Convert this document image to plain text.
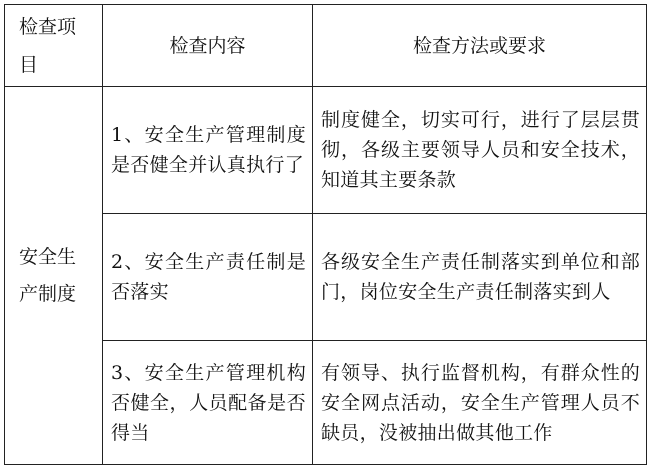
检查项目	检查内容	检查方法或要求

安全生产制度	1、安全生产管理制度是否健全并认真执行了	制度健全，切实可行，进行了层层贯彻，各级主要领导人员和安全技术，知道其主要条款

	2、安全生产责任制是否落实	各级安全生产责任制落实到单位和部门，岗位安全生产责任制落实到人

	3、安全生产管理机构否健全，人员配备是否得当	有领导、执行监督机构，有群众性的安全网点活动，安全生产管理人员不缺员，没被抽出做其他工作
